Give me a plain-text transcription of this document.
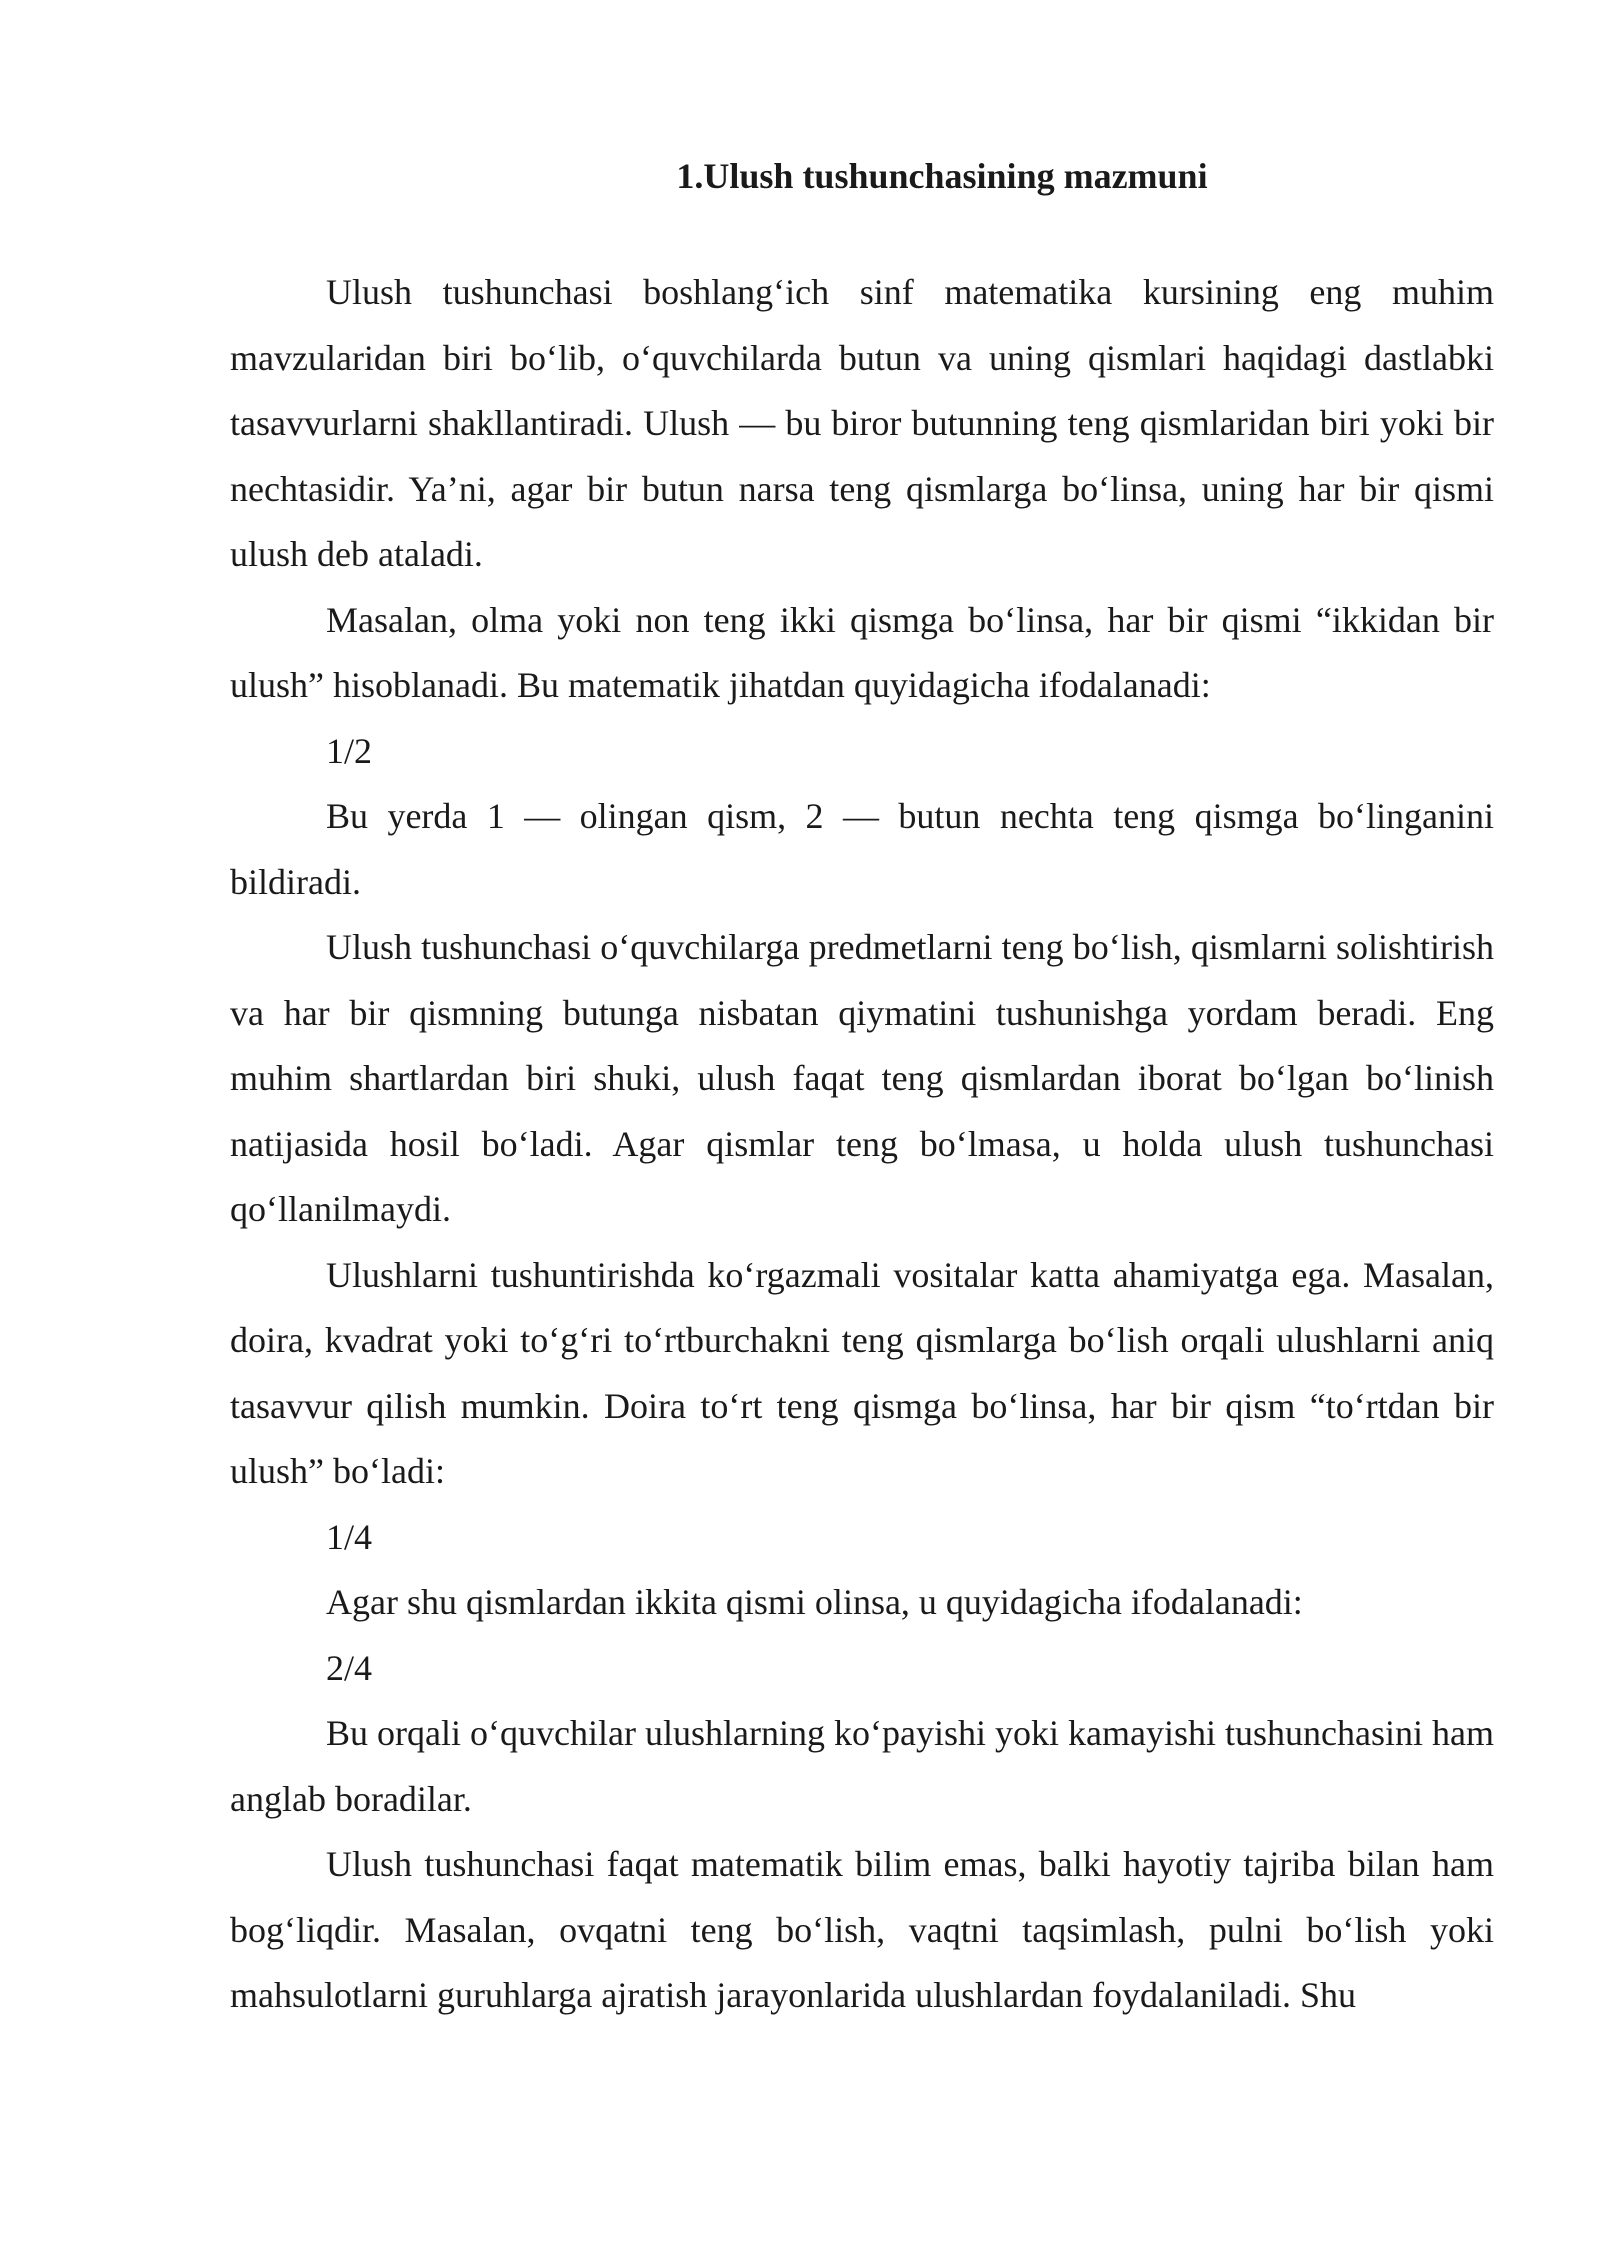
1.Ulush tushunchasining mazmuni

Ulush tushunchasi boshlang‘ich sinf matematika kursining eng muhim mavzularidan biri bo‘lib, o‘quvchilarda butun va uning qismlari haqidagi dastlabki tasavvurlarni shakllantiradi. Ulush — bu biror butunning teng qismlaridan biri yoki bir nechtasidir. Ya’ni, agar bir butun narsa teng qismlarga bo‘linsa, uning har bir qismi ulush deb ataladi.

Masalan, olma yoki non teng ikki qismga bo‘linsa, har bir qismi “ikkidan bir ulush” hisoblanadi. Bu matematik jihatdan quyidagicha ifodalanadi:

1/2

Bu yerda 1 — olingan qism, 2 — butun nechta teng qismga bo‘linganini bildiradi.

Ulush tushunchasi o‘quvchilarga predmetlarni teng bo‘lish, qismlarni solishtirish va har bir qismning butunga nisbatan qiymatini tushunishga yordam beradi. Eng muhim shartlardan biri shuki, ulush faqat teng qismlardan iborat bo‘lgan bo‘linish natijasida hosil bo‘ladi. Agar qismlar teng bo‘lmasa, u holda ulush tushunchasi qo‘llanilmaydi.

Ulushlarni tushuntirishda ko‘rgazmali vositalar katta ahamiyatga ega. Masalan, doira, kvadrat yoki to‘g‘ri to‘rtburchakni teng qismlarga bo‘lish orqali ulushlarni aniq tasavvur qilish mumkin. Doira to‘rt teng qismga bo‘linsa, har bir qism “to‘rtdan bir ulush” bo‘ladi:

1/4

Agar shu qismlardan ikkita qismi olinsa, u quyidagicha ifodalanadi:

2/4

Bu orqali o‘quvchilar ulushlarning ko‘payishi yoki kamayishi tushunchasini ham anglab boradilar.

Ulush tushunchasi faqat matematik bilim emas, balki hayotiy tajriba bilan ham bog‘liqdir. Masalan, ovqatni teng bo‘lish, vaqtni taqsimlash, pulni bo‘lish yoki mahsulotlarni guruhlarga ajratish jarayonlarida ulushlardan foydalaniladi. Shu
